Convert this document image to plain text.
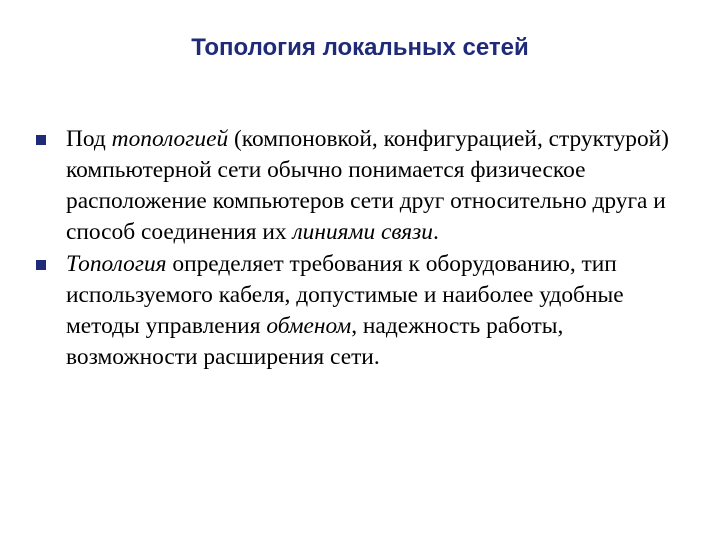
Топология локальных сетей
Под топологией (компоновкой, конфигурацией, структурой) компьютерной сети обычно понимается физическое расположение компьютеров сети друг относительно друга и способ соединения их линиями связи.
Топология определяет требования к оборудованию, тип используемого кабеля, допустимые и наиболее удобные методы управления обменом, надежность работы, возможности расширения сети.
